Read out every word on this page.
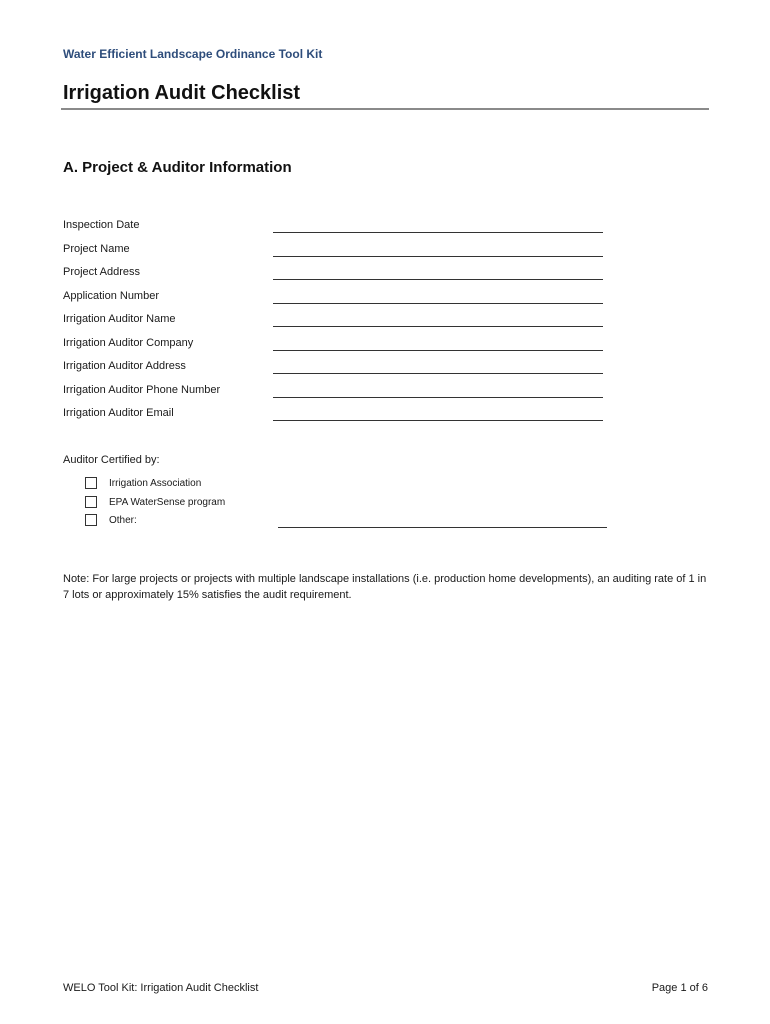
Water Efficient Landscape Ordinance Tool Kit
Irrigation Audit Checklist
A. Project & Auditor Information
Inspection Date
Project Name
Project Address
Application Number
Irrigation Auditor Name
Irrigation Auditor Company
Irrigation Auditor Address
Irrigation Auditor Phone Number
Irrigation Auditor Email
Auditor Certified by:
Irrigation Association
EPA WaterSense program
Other:
Note: For large projects or projects with multiple landscape installations (i.e. production home developments), an auditing rate of 1 in 7 lots or approximately 15% satisfies the audit requirement.
WELO Tool Kit: Irrigation Audit Checklist	Page 1 of 6
